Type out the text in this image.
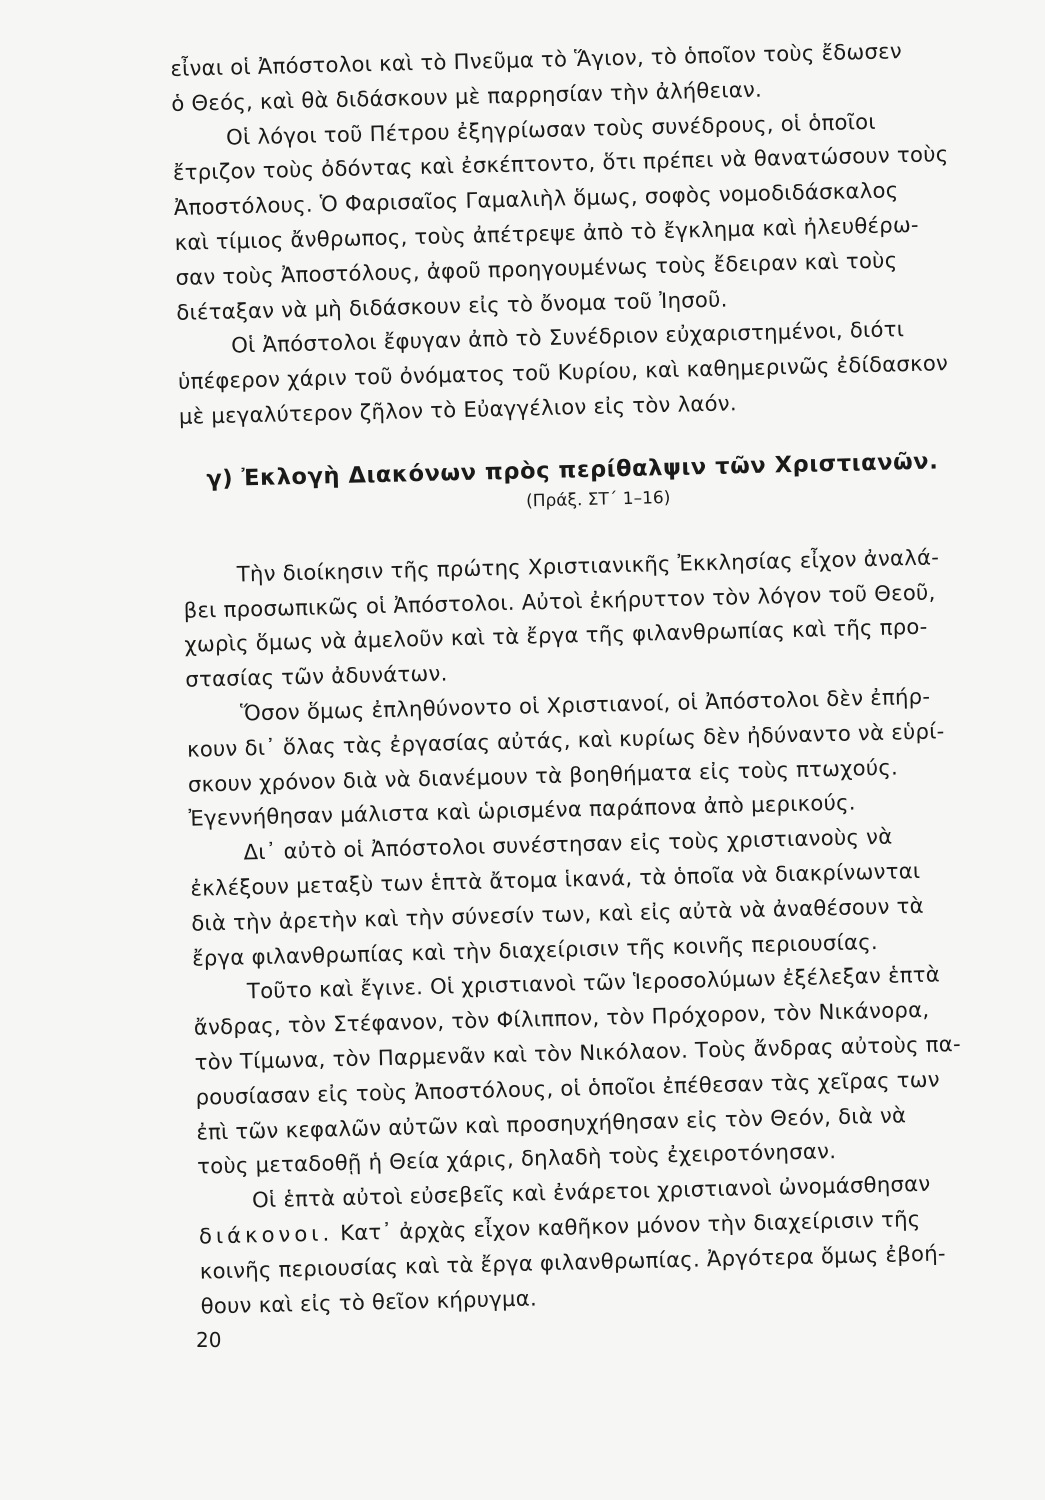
εἶναι οἱ Ἀπόστολοι καὶ τὸ Πνεῦμα τὸ Ἅγιον, τὸ ὁποῖον τοὺς ἔδωσεν
ὁ Θεός, καὶ θὰ διδάσκουν μὲ παρρησίαν τὴν ἀλήθειαν.
Οἱ λόγοι τοῦ Πέτρου ἐξηγρίωσαν τοὺς συνέδρους, οἱ ὁποῖοι
ἔτριζον τοὺς ὀδόντας καὶ ἐσκέπτοντο, ὅτι πρέπει νὰ θανατώσουν τοὺς
Ἀποστόλους. Ὁ Φαρισαῖος Γαμαλιὴλ ὅμως, σοφὸς νομοδιδάσκαλος
καὶ τίμιος ἄνθρωπος, τοὺς ἀπέτρεψε ἀπὸ τὸ ἔγκλημα καὶ ἠλευθέρω-
σαν τοὺς Ἀποστόλους, ἀφοῦ προηγουμένως τοὺς ἔδειραν καὶ τοὺς
διέταξαν νὰ μὴ διδάσκουν εἰς τὸ ὄνομα τοῦ Ἰησοῦ.
Οἱ Ἀπόστολοι ἔφυγαν ἀπὸ τὸ Συνέδριον εὐχαριστημένοι, διότι
ὑπέφερον χάριν τοῦ ὀνόματος τοῦ Κυρίου, καὶ καθημερινῶς ἐδίδασκον
μὲ μεγαλύτερον ζῆλον τὸ Εὐαγγέλιον εἰς τὸν λαόν.
γ) Ἐκλογὴ Διακόνων πρὸς περίθαλψιν τῶν Χριστιανῶν.
(Πράξ. ΣΤ΄ 1–16)
Τὴν διοίκησιν τῆς πρώτης Χριστιανικῆς Ἐκκλησίας εἶχον ἀναλά-
βει προσωπικῶς οἱ Ἀπόστολοι. Αὐτοὶ ἐκήρυττον τὸν λόγον τοῦ Θεοῦ,
χωρὶς ὅμως νὰ ἀμελοῦν καὶ τὰ ἔργα τῆς φιλανθρωπίας καὶ τῆς προ-
στασίας τῶν ἀδυνάτων.
Ὅσον ὅμως ἐπληθύνοντο οἱ Χριστιανοί, οἱ Ἀπόστολοι δὲν ἐπήρ-
κουν δι᾽ ὅλας τὰς ἐργασίας αὐτάς, καὶ κυρίως δὲν ἠδύναντο νὰ εὑρί-
σκουν χρόνον διὰ νὰ διανέμουν τὰ βοηθήματα εἰς τοὺς πτωχούς.
Ἐγεννήθησαν μάλιστα καὶ ὡρισμένα παράπονα ἀπὸ μερικούς.
Δι᾽ αὐτὸ οἱ Ἀπόστολοι συνέστησαν εἰς τοὺς χριστιανοὺς νὰ
ἐκλέξουν μεταξὺ των ἑπτὰ ἄτομα ἱκανά, τὰ ὁποῖα νὰ διακρίνωνται
διὰ τὴν ἀρετὴν καὶ τὴν σύνεσίν των, καὶ εἰς αὐτὰ νὰ ἀναθέσουν τὰ
ἔργα φιλανθρωπίας καὶ τὴν διαχείρισιν τῆς κοινῆς περιουσίας.
Τοῦτο καὶ ἔγινε. Οἱ χριστιανοὶ τῶν Ἱεροσολύμων ἐξέλεξαν ἑπτὰ
ἄνδρας, τὸν Στέφανον, τὸν Φίλιππον, τὸν Πρόχορον, τὸν Νικάνορα,
τὸν Τίμωνα, τὸν Παρμενᾶν καὶ τὸν Νικόλαον. Τοὺς ἄνδρας αὐτοὺς πα-
ρουσίασαν εἰς τοὺς Ἀποστόλους, οἱ ὁποῖοι ἐπέθεσαν τὰς χεῖρας των
ἐπὶ τῶν κεφαλῶν αὐτῶν καὶ προσηυχήθησαν εἰς τὸν Θεόν, διὰ νὰ
τοὺς μεταδοθῇ ἡ Θεία χάρις, δηλαδὴ τοὺς ἐχειροτόνησαν.
Οἱ ἑπτὰ αὐτοὶ εὐσεβεῖς καὶ ἐνάρετοι χριστιανοὶ ὠνομάσθησαν
διάκονοι. Κατ᾽ ἀρχὰς εἶχον καθῆκον μόνον τὴν διαχείρισιν τῆς
κοινῆς περιουσίας καὶ τὰ ἔργα φιλανθρωπίας. Ἀργότερα ὅμως ἐβοή-
θουν καὶ εἰς τὸ θεῖον κήρυγμα.
20
